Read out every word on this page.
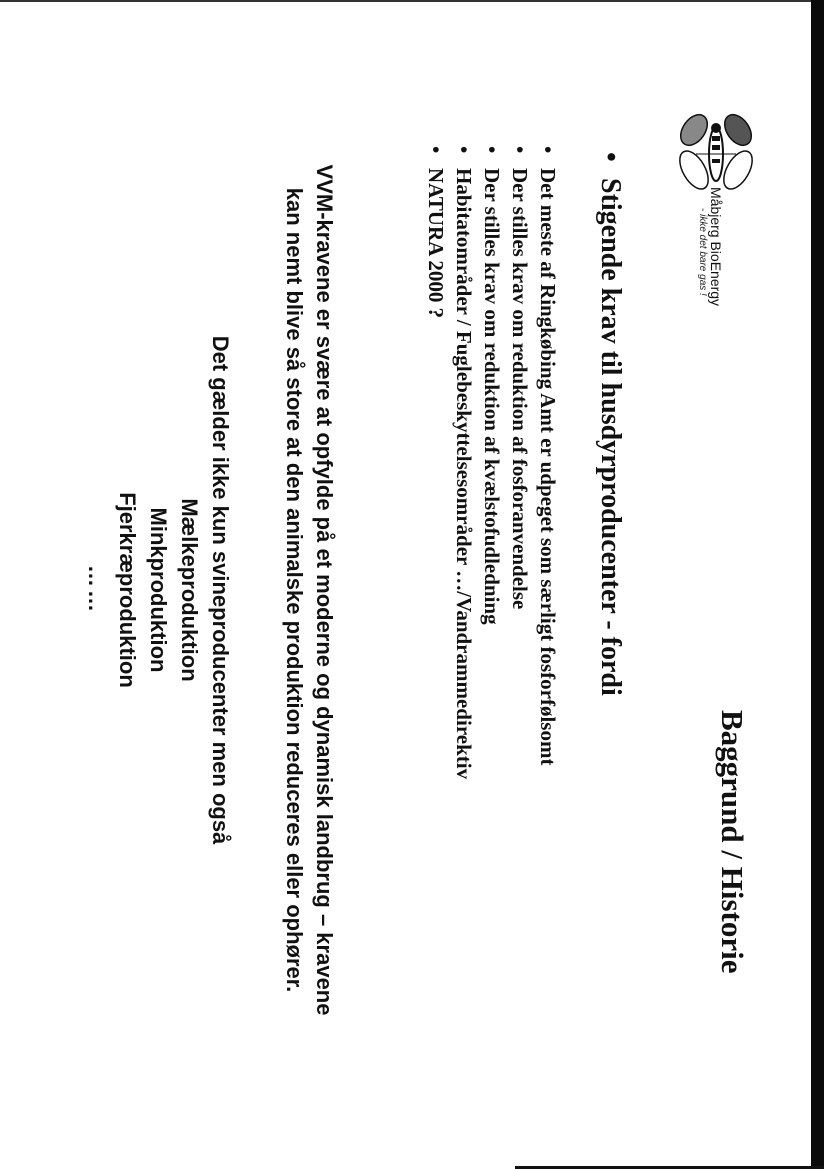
Baggrund / Historie
Måbjerg BioEnergy
- ikke det bare gas !
•Stigende krav til husdyrproducenter - fordi
•Det meste af Ringkøbing Amt er udpeget som særligt fosforfølsomt
•Der stilles krav om reduktion af fosforanvendelse
•Der stilles krav om reduktion af kvælstofudledning
•Habitatområder / Fuglebeskyttelsesområder …/Vandrammedirektiv
•NATURA 2000 ?

VVM-kravene er svære at opfylde på et moderne og dynamisk landbrug – kravene kan nemt blive så store at den animalske produktion reduceres eller ophører.

Det gælder ikke kun svineproducenter men også
Mælkeproduktion
Minkproduktion
Fjerkræproduktion
……
